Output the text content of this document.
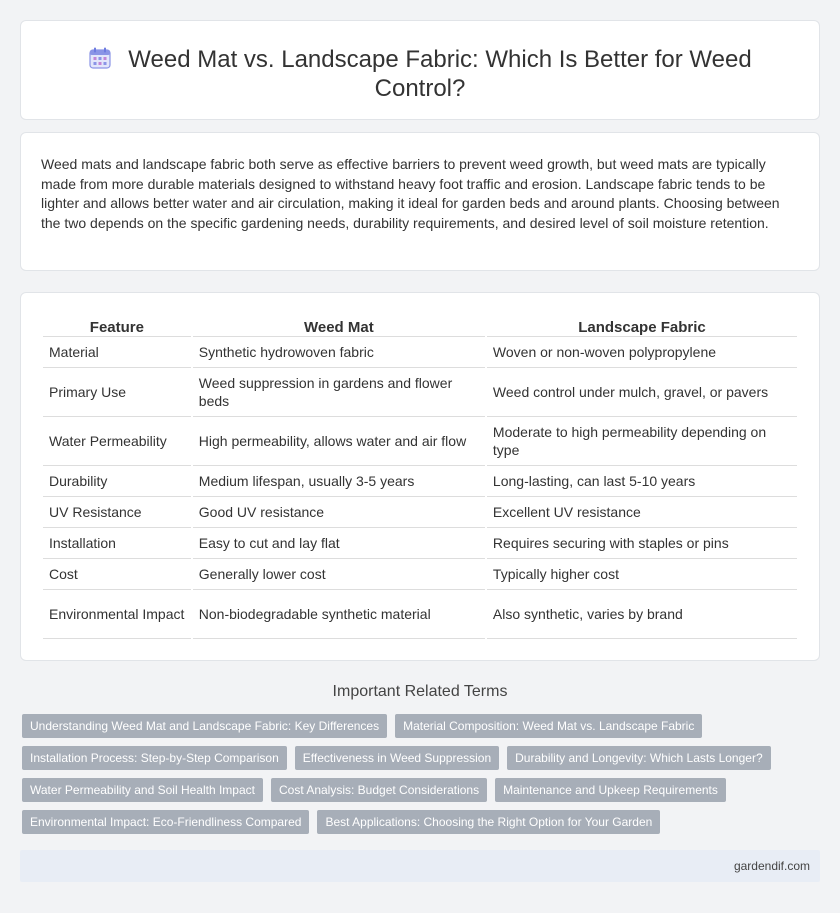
Weed Mat vs. Landscape Fabric: Which Is Better for Weed Control?

Weed mats and landscape fabric both serve as effective barriers to prevent weed growth, but weed mats are typically made from more durable materials designed to withstand heavy foot traffic and erosion. Landscape fabric tends to be lighter and allows better water and air circulation, making it ideal for garden beds and around plants. Choosing between the two depends on the specific gardening needs, durability requirements, and desired level of soil moisture retention.

Feature	Weed Mat	Landscape Fabric
Material	Synthetic hydrowoven fabric	Woven or non-woven polypropylene
Primary Use	Weed suppression in gardens and flower beds	Weed control under mulch, gravel, or pavers
Water Permeability	High permeability, allows water and air flow	Moderate to high permeability depending on type
Durability	Medium lifespan, usually 3-5 years	Long-lasting, can last 5-10 years
UV Resistance	Good UV resistance	Excellent UV resistance
Installation	Easy to cut and lay flat	Requires securing with staples or pins
Cost	Generally lower cost	Typically higher cost
Environmental Impact	Non-biodegradable synthetic material	Also synthetic, varies by brand
Important Related Terms
Understanding Weed Mat and Landscape Fabric: Key Differences	Material Composition: Weed Mat vs. Landscape Fabric
Installation Process: Step-by-Step Comparison	Effectiveness in Weed Suppression	Durability and Longevity: Which Lasts Longer?
Water Permeability and Soil Health Impact	Cost Analysis: Budget Considerations	Maintenance and Upkeep Requirements
Environmental Impact: Eco-Friendliness Compared	Best Applications: Choosing the Right Option for Your Garden
gardendif.com
